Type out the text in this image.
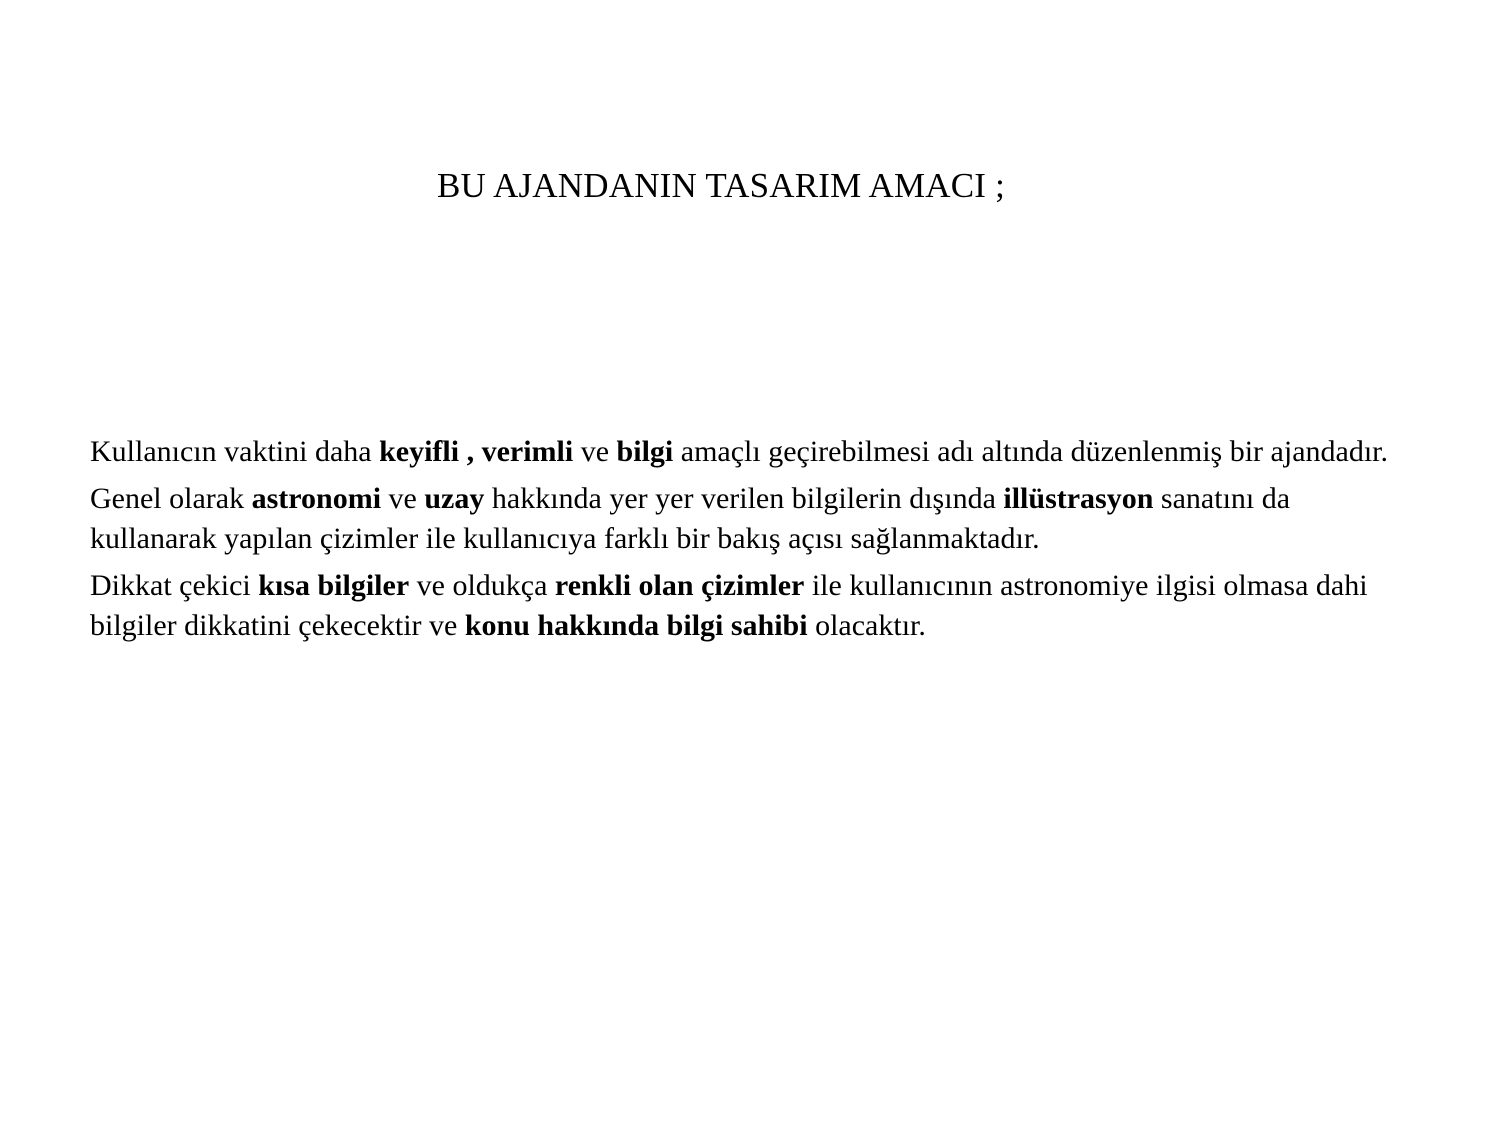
BU AJANDANIN TASARIM AMACI ;

Kullanıcın vaktini daha keyifli , verimli ve bilgi amaçlı geçirebilmesi adı altında düzenlenmiş bir ajandadır.

Genel olarak astronomi ve uzay hakkında yer yer verilen bilgilerin dışında illüstrasyon sanatını da kullanarak yapılan çizimler ile kullanıcıya farklı bir bakış açısı sağlanmaktadır.

Dikkat çekici kısa bilgiler ve oldukça renkli olan çizimler ile kullanıcının astronomiye ilgisi olmasa dahi bilgiler dikkatini çekecektir ve konu hakkında bilgi sahibi olacaktır.
